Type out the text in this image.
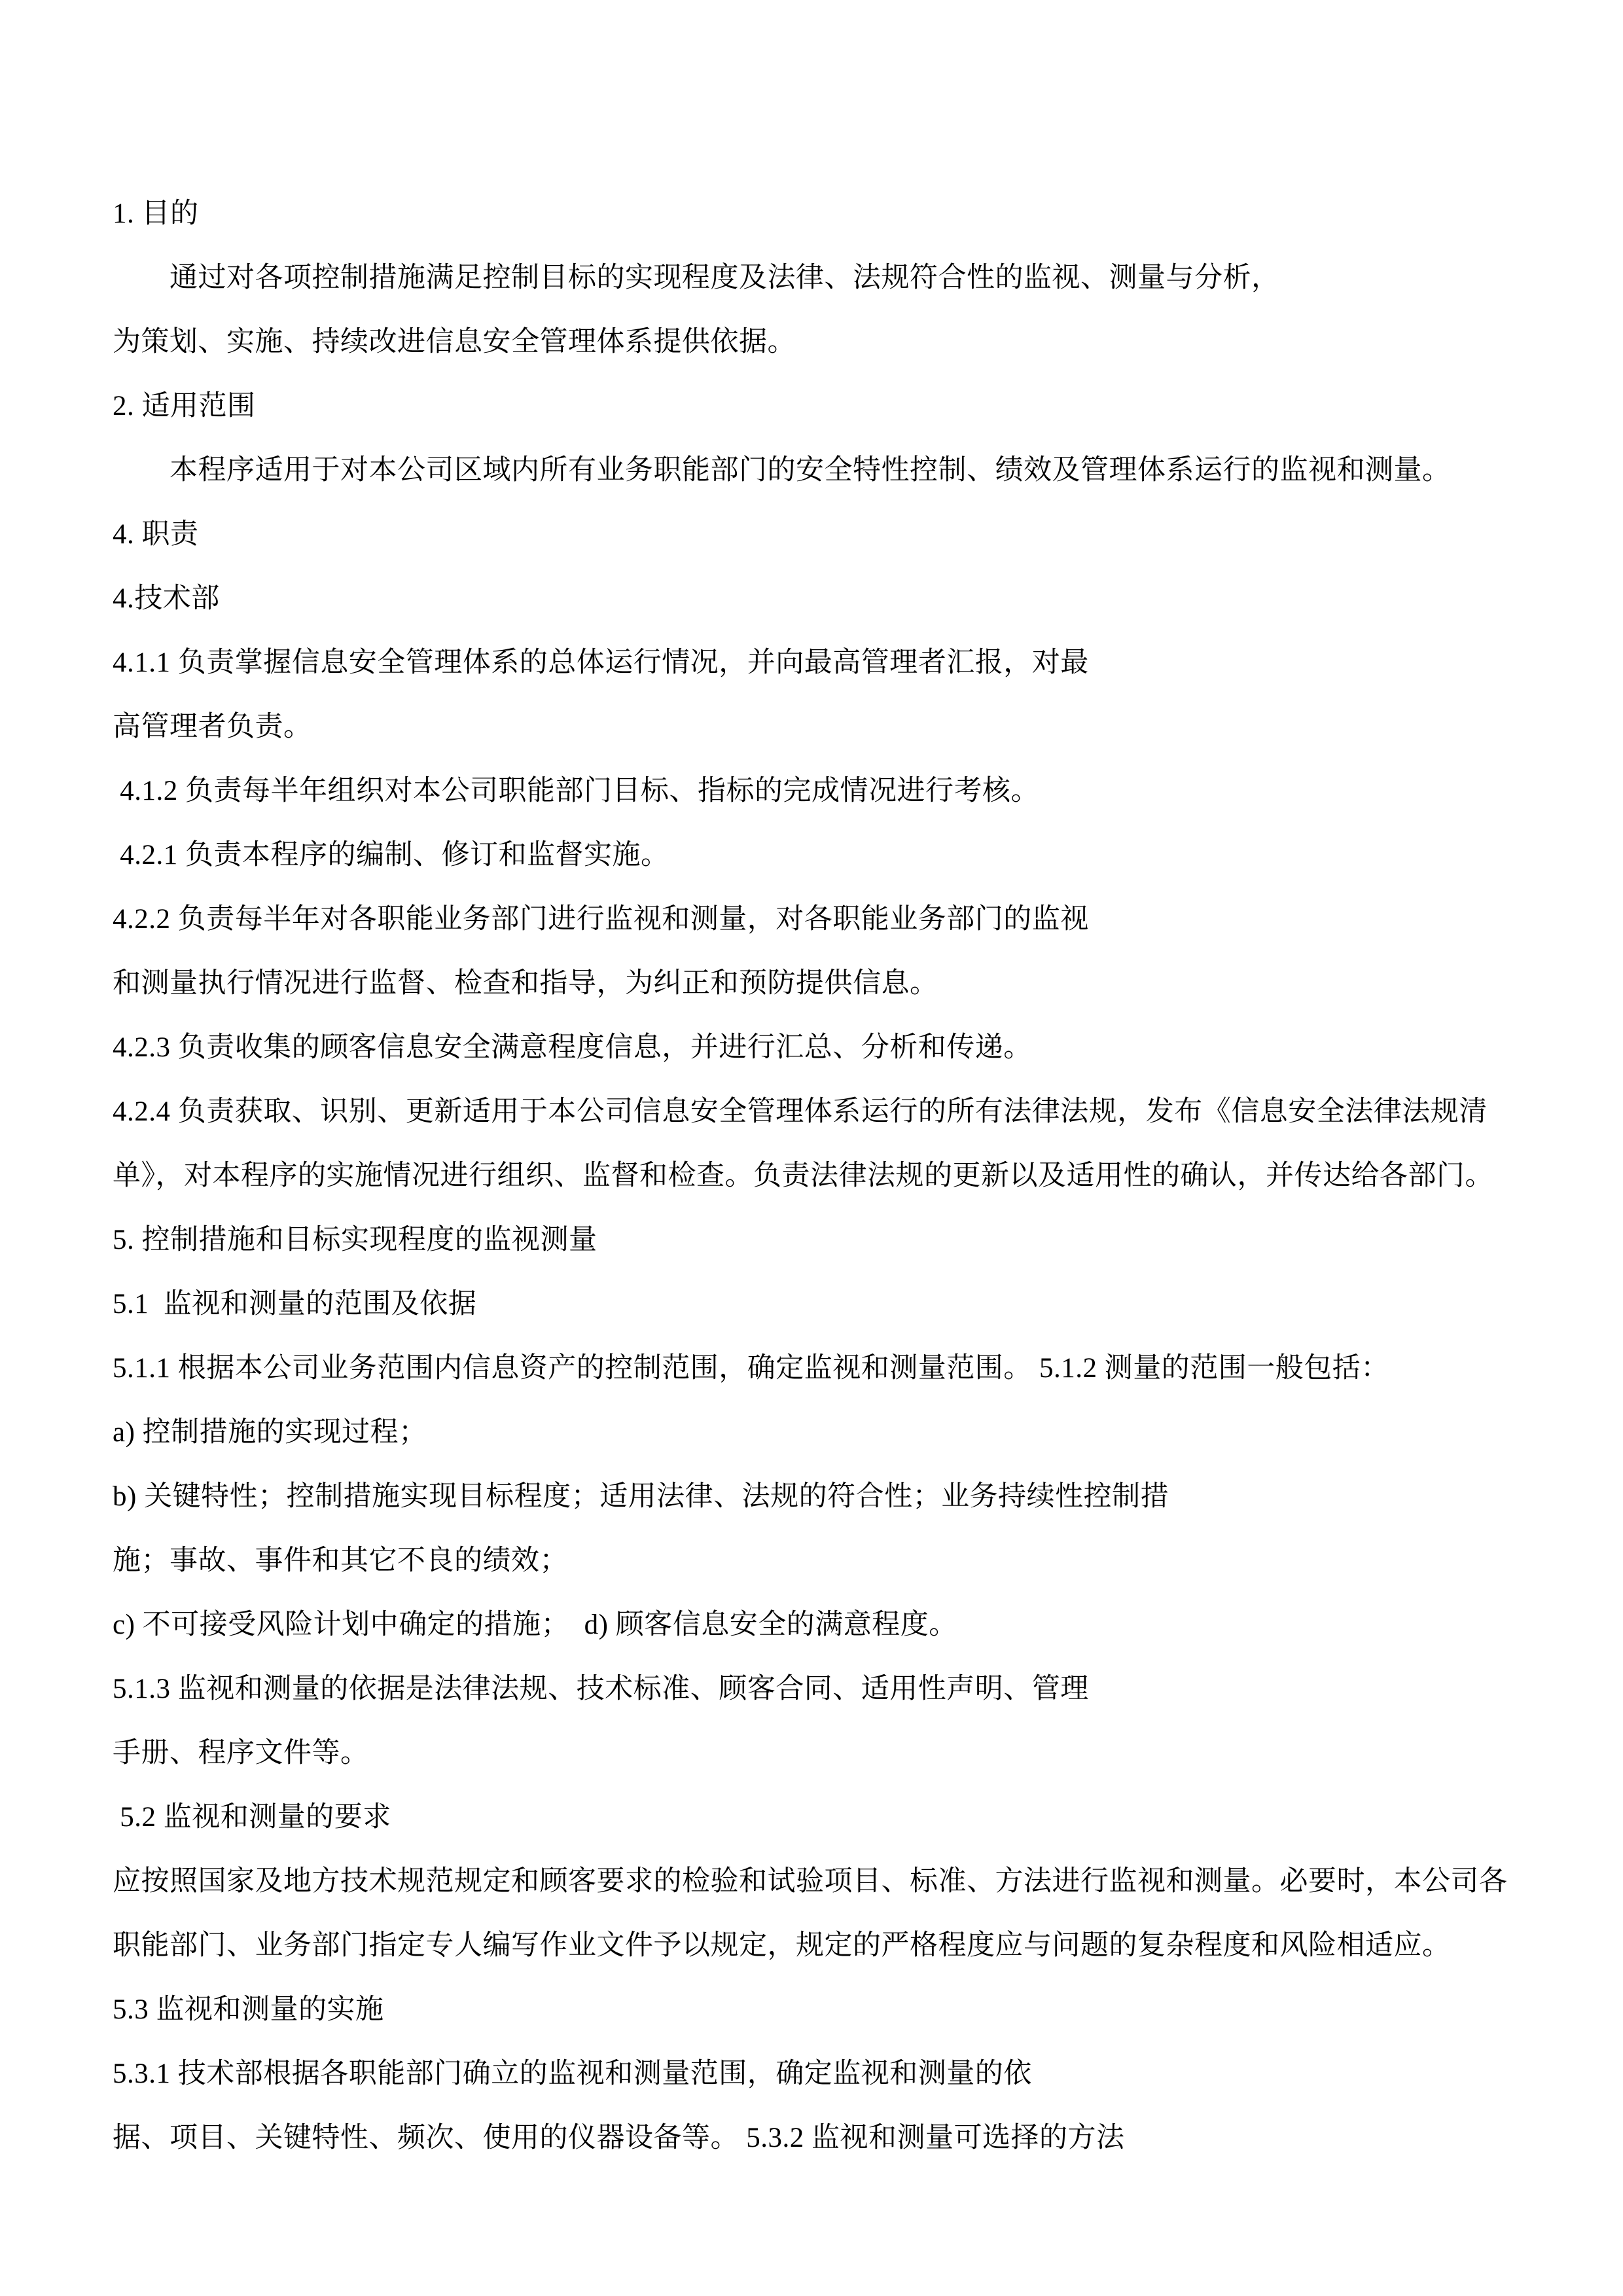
1. 目的

　　通过对各项控制措施满足控制目标的实现程度及法律、法规符合性的监视、测量与分析，

为策划、实施、持续改进信息安全管理体系提供依据。

2. 适用范围

　　本程序适用于对本公司区域内所有业务职能部门的安全特性控制、绩效及管理体系运行的监视和测量。

4. 职责

4.技术部

4.1.1 负责掌握信息安全管理体系的总体运行情况，并向最高管理者汇报，对最

高管理者负责。

4.1.2 负责每半年组织对本公司职能部门目标、指标的完成情况进行考核。

4.2.1 负责本程序的编制、修订和监督实施。

4.2.2 负责每半年对各职能业务部门进行监视和测量，对各职能业务部门的监视

和测量执行情况进行监督、检查和指导，为纠正和预防提供信息。

4.2.3 负责收集的顾客信息安全满意程度信息，并进行汇总、分析和传递。

4.2.4 负责获取、识别、更新适用于本公司信息安全管理体系运行的所有法律法规，发布《信息安全法律法规清

单》，对本程序的实施情况进行组织、监督和检查。负责法律法规的更新以及适用性的确认，并传达给各部门。

5. 控制措施和目标实现程度的监视测量

5.1  监视和测量的范围及依据

5.1.1 根据本公司业务范围内信息资产的控制范围，确定监视和测量范围。 5.1.2 测量的范围一般包括：

a) 控制措施的实现过程；

b) 关键特性；控制措施实现目标程度；适用法律、法规的符合性；业务持续性控制措

施；事故、事件和其它不良的绩效；

c) 不可接受风险计划中确定的措施；  d) 顾客信息安全的满意程度。

5.1.3 监视和测量的依据是法律法规、技术标准、顾客合同、适用性声明、管理

手册、程序文件等。

5.2 监视和测量的要求

应按照国家及地方技术规范规定和顾客要求的检验和试验项目、标准、方法进行监视和测量。必要时，本公司各

职能部门、业务部门指定专人编写作业文件予以规定，规定的严格程度应与问题的复杂程度和风险相适应。

5.3 监视和测量的实施

5.3.1 技术部根据各职能部门确立的监视和测量范围，确定监视和测量的依

据、项目、关键特性、频次、使用的仪器设备等。 5.3.2 监视和测量可选择的方法
